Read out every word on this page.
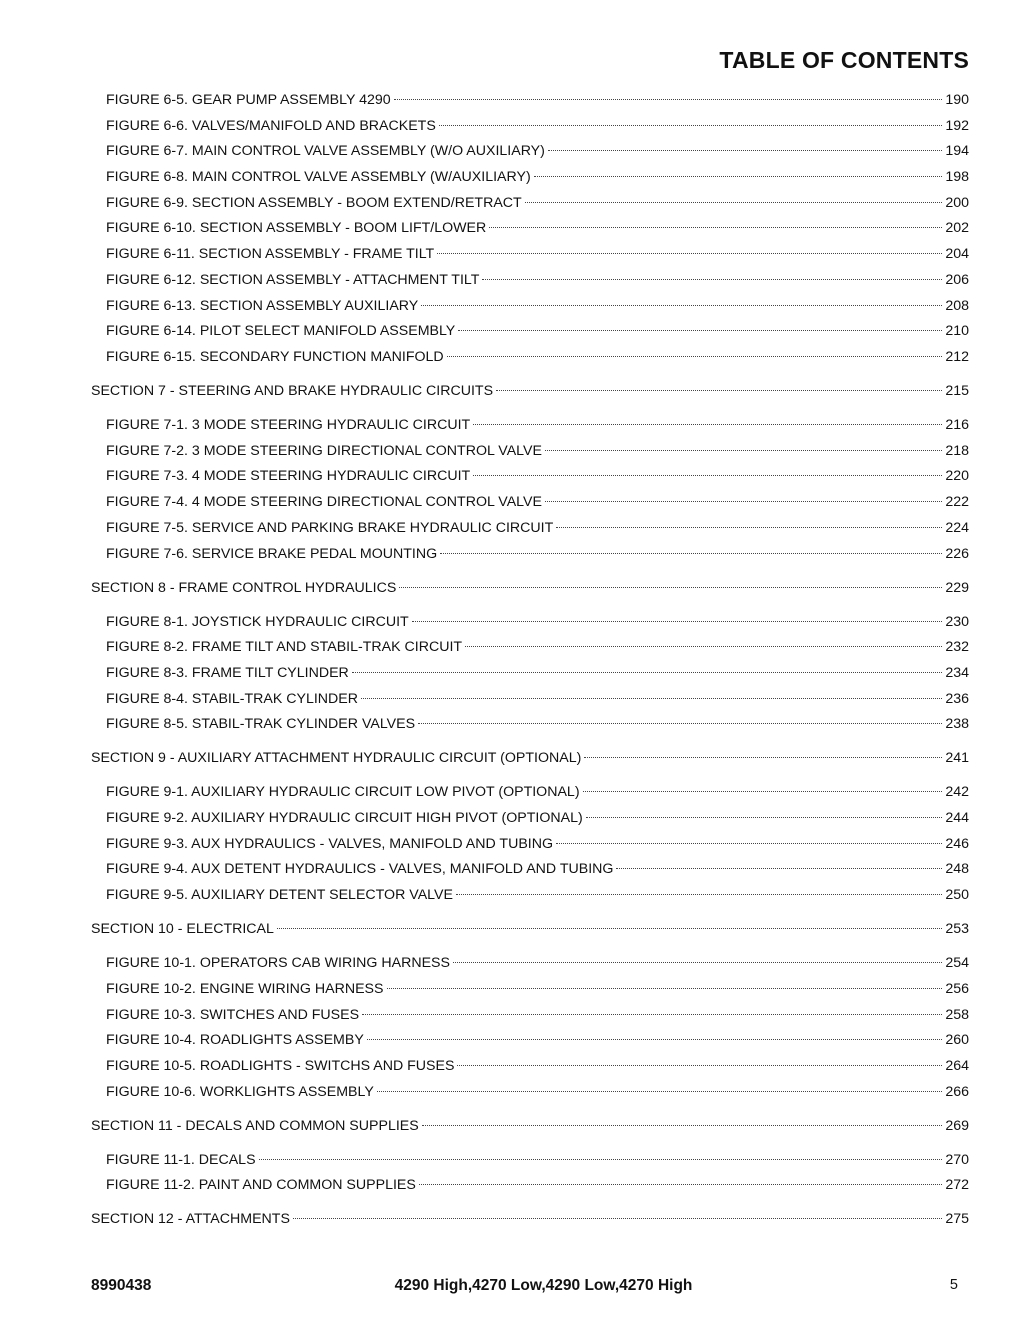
TABLE OF CONTENTS
FIGURE 6-5. GEAR PUMP ASSEMBLY 4290	190
FIGURE 6-6. VALVES/MANIFOLD AND BRACKETS	192
FIGURE 6-7. MAIN CONTROL VALVE ASSEMBLY (W/O AUXILIARY)	194
FIGURE 6-8. MAIN CONTROL VALVE ASSEMBLY (W/AUXILIARY)	198
FIGURE 6-9. SECTION ASSEMBLY - BOOM EXTEND/RETRACT	200
FIGURE 6-10. SECTION ASSEMBLY - BOOM LIFT/LOWER	202
FIGURE 6-11. SECTION ASSEMBLY - FRAME TILT	204
FIGURE 6-12. SECTION ASSEMBLY - ATTACHMENT TILT	206
FIGURE 6-13. SECTION ASSEMBLY AUXILIARY	208
FIGURE 6-14. PILOT SELECT MANIFOLD ASSEMBLY	210
FIGURE 6-15. SECONDARY FUNCTION MANIFOLD	212
SECTION 7 - STEERING AND BRAKE HYDRAULIC CIRCUITS	215
FIGURE 7-1. 3 MODE STEERING HYDRAULIC CIRCUIT	216
FIGURE 7-2. 3 MODE STEERING DIRECTIONAL CONTROL VALVE	218
FIGURE 7-3. 4 MODE STEERING HYDRAULIC CIRCUIT	220
FIGURE 7-4. 4 MODE STEERING DIRECTIONAL CONTROL VALVE	222
FIGURE 7-5. SERVICE AND PARKING BRAKE HYDRAULIC CIRCUIT	224
FIGURE 7-6. SERVICE BRAKE PEDAL MOUNTING	226
SECTION 8 - FRAME CONTROL HYDRAULICS	229
FIGURE 8-1. JOYSTICK HYDRAULIC CIRCUIT	230
FIGURE 8-2. FRAME TILT AND STABIL-TRAK CIRCUIT	232
FIGURE 8-3. FRAME TILT CYLINDER	234
FIGURE 8-4. STABIL-TRAK CYLINDER	236
FIGURE 8-5. STABIL-TRAK CYLINDER VALVES	238
SECTION 9 - AUXILIARY ATTACHMENT HYDRAULIC CIRCUIT (OPTIONAL)	241
FIGURE 9-1. AUXILIARY HYDRAULIC CIRCUIT LOW PIVOT (OPTIONAL)	242
FIGURE 9-2. AUXILIARY HYDRAULIC CIRCUIT HIGH PIVOT (OPTIONAL)	244
FIGURE 9-3. AUX HYDRAULICS - VALVES, MANIFOLD AND TUBING	246
FIGURE 9-4. AUX DETENT HYDRAULICS - VALVES, MANIFOLD AND TUBING	248
FIGURE 9-5. AUXILIARY DETENT SELECTOR VALVE	250
SECTION 10 - ELECTRICAL	253
FIGURE 10-1. OPERATORS CAB WIRING HARNESS	254
FIGURE 10-2. ENGINE WIRING HARNESS	256
FIGURE 10-3. SWITCHES AND FUSES	258
FIGURE 10-4. ROADLIGHTS ASSEMBY	260
FIGURE 10-5. ROADLIGHTS - SWITCHS AND FUSES	264
FIGURE 10-6. WORKLIGHTS ASSEMBLY	266
SECTION 11 - DECALS AND COMMON SUPPLIES	269
FIGURE 11-1. DECALS	270
FIGURE 11-2. PAINT AND COMMON SUPPLIES	272
SECTION 12 - ATTACHMENTS	275
8990438	4290 High,4270 Low,4290 Low,4270 High	5
